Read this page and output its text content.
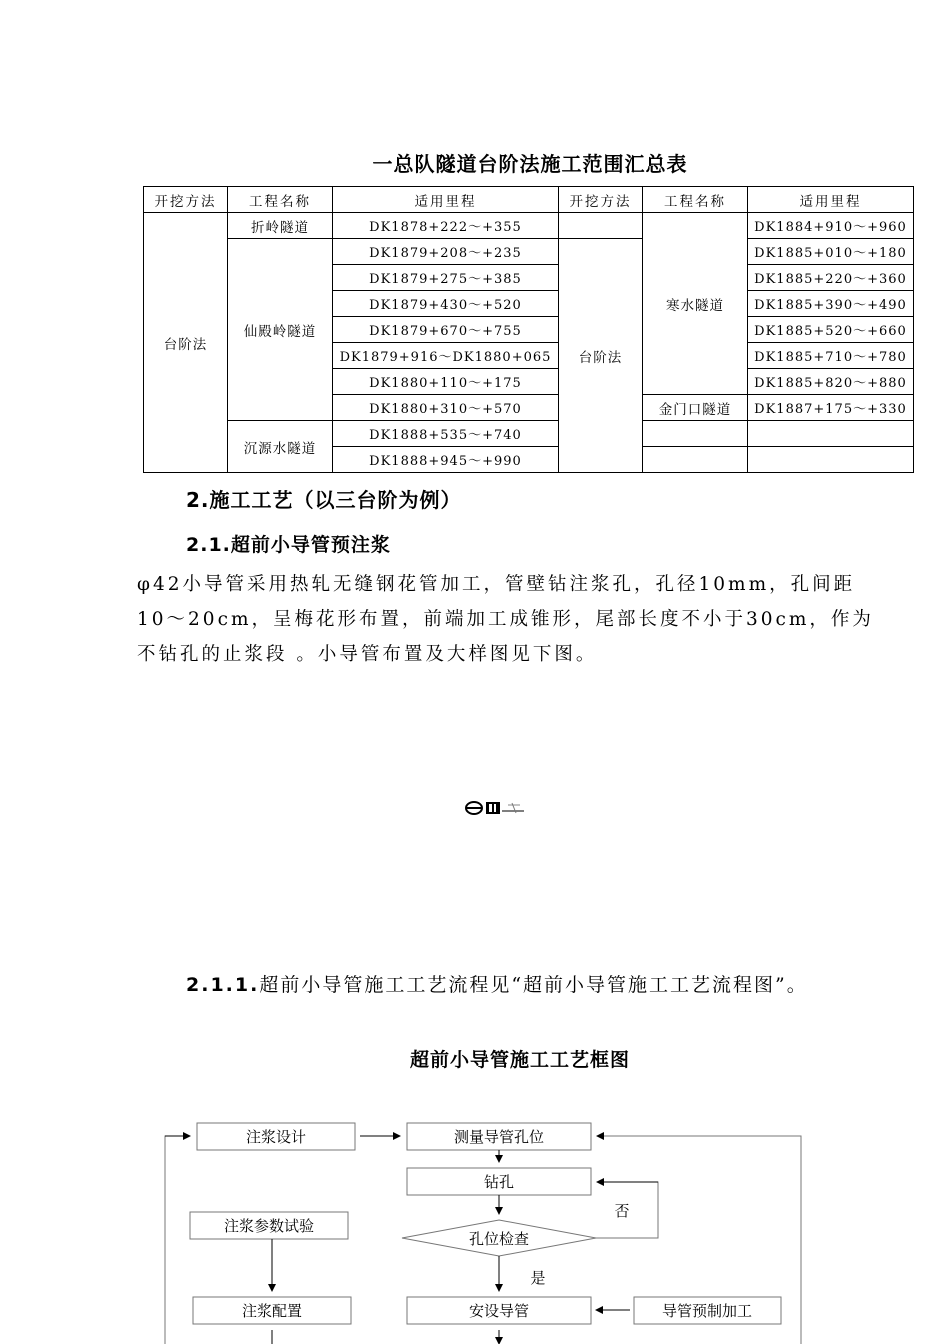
一总队隧道台阶法施工范围汇总表
开挖方法	工程名称	适用里程	开挖方法	工程名称	适用里程
台阶法	折岭隧道	DK1878+222～+355		寒水隧道	DK1884+910～+960
	仙殿岭隧道	DK1879+208～+235	台阶法		DK1885+010～+180
		DK1879+275～+385			DK1885+220～+360
		DK1879+430～+520			DK1885+390～+490
		DK1879+670～+755			DK1885+520～+660
		DK1879+916～DK1880+065			DK1885+710～+780
		DK1880+110～+175			DK1885+820～+880
		DK1880+310～+570		金门口隧道	DK1887+175～+330
	沉源水隧道	DK1888+535～+740			
		DK1888+945～+990			
2.施工工艺（以三台阶为例）
2.1.超前小导管预注浆
φ42小导管采用热轧无缝钢花管加工，管壁钻注浆孔，孔径10mm，孔间距
10～20cm，呈梅花形布置，前端加工成锥形，尾部长度不小于30cm，作为
不钻孔的止浆段 。小导管布置及大样图见下图。
2.1.1.超前小导管施工工艺流程见“超前小导管施工工艺流程图”。
超前小导管施工工艺框图
注浆设计	测量导管孔位
钻孔
注浆参数试验
孔位检查
注浆配置	安设导管	导管预制加工
否
是
